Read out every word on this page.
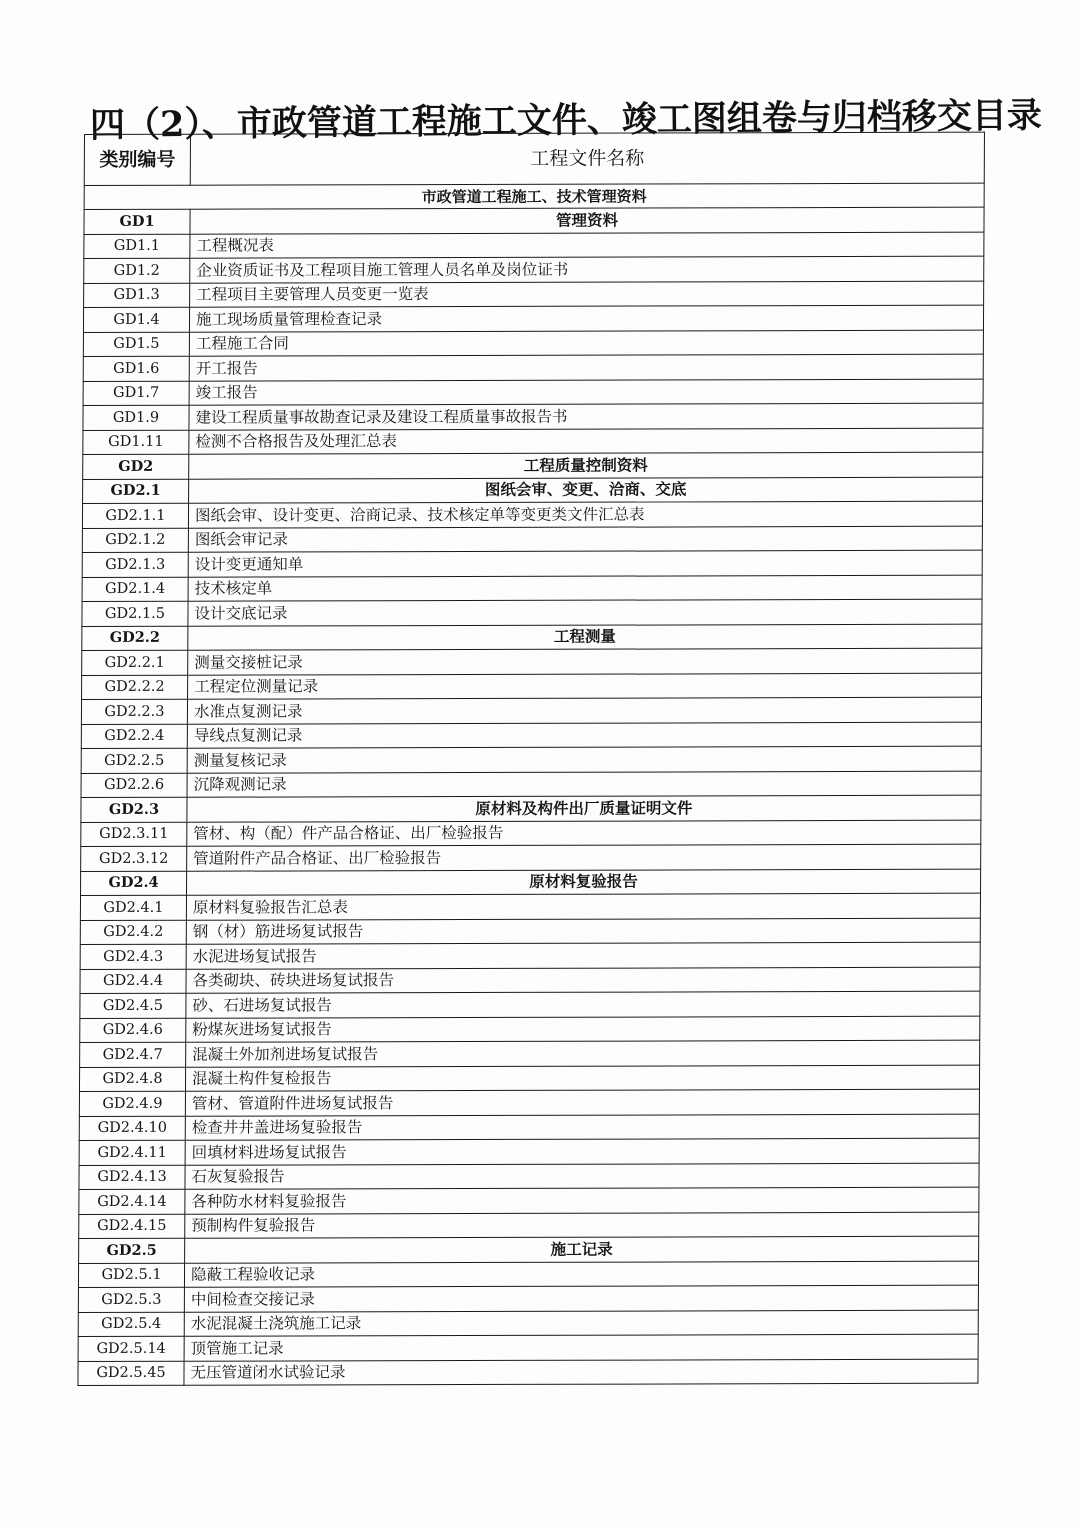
四（2）、市政管道工程施工文件、竣工图组卷与归档移交目录
类别编号	工程文件名称
市政管道工程施工、技术管理资料	
GD1	管理资料
GD1.1	工程概况表
GD1.2	企业资质证书及工程项目施工管理人员名单及岗位证书
GD1.3	工程项目主要管理人员变更一览表
GD1.4	施工现场质量管理检查记录
GD1.5	工程施工合同
GD1.6	开工报告
GD1.7	竣工报告
GD1.9	建设工程质量事故勘查记录及建设工程质量事故报告书
GD1.11	检测不合格报告及处理汇总表
GD2	工程质量控制资料
GD2.1	图纸会审、变更、洽商、交底
GD2.1.1	图纸会审、设计变更、洽商记录、技术核定单等变更类文件汇总表
GD2.1.2	图纸会审记录
GD2.1.3	设计变更通知单
GD2.1.4	技术核定单
GD2.1.5	设计交底记录
GD2.2	工程测量
GD2.2.1	测量交接桩记录
GD2.2.2	工程定位测量记录
GD2.2.3	水准点复测记录
GD2.2.4	导线点复测记录
GD2.2.5	测量复核记录
GD2.2.6	沉降观测记录
GD2.3	原材料及构件出厂质量证明文件
GD2.3.11	管材、构（配）件产品合格证、出厂检验报告
GD2.3.12	管道附件产品合格证、出厂检验报告
GD2.4	原材料复验报告
GD2.4.1	原材料复验报告汇总表
GD2.4.2	钢（材）筋进场复试报告
GD2.4.3	水泥进场复试报告
GD2.4.4	各类砌块、砖块进场复试报告
GD2.4.5	砂、石进场复试报告
GD2.4.6	粉煤灰进场复试报告
GD2.4.7	混凝土外加剂进场复试报告
GD2.4.8	混凝土构件复检报告
GD2.4.9	管材、管道附件进场复试报告
GD2.4.10	检查井井盖进场复验报告
GD2.4.11	回填材料进场复试报告
GD2.4.13	石灰复验报告
GD2.4.14	各种防水材料复验报告
GD2.4.15	预制构件复验报告
GD2.5	施工记录
GD2.5.1	隐蔽工程验收记录
GD2.5.3	中间检查交接记录
GD2.5.4	水泥混凝土浇筑施工记录
GD2.5.14	顶管施工记录
GD2.5.45	无压管道闭水试验记录
